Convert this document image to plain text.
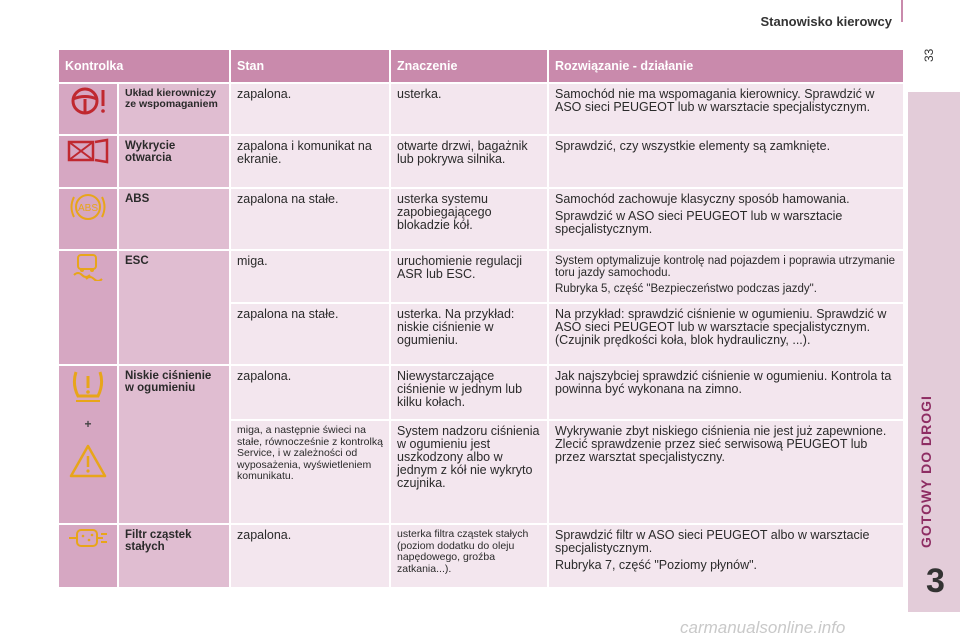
Stanowisko kierowcy
33
GOTOWY DO DROGI
3
Kontrolka		Stan	Znaczenie	Rozwiązanie - działanie

	Układ kierowniczy ze wspomaganiem	zapalona.	usterka.	Samochód nie ma wspomagania kierownicy. Sprawdzić w ASO sieci PEUGEOT lub w warsztacie specjalistycznym.

	Wykrycie otwarcia	zapalona i komunikat na ekranie.	otwarte drzwi, bagażnik lub pokrywa silnika.	Sprawdzić, czy wszystkie elementy są zamknięte.

ABS	ABS	zapalona na stałe.	usterka systemu zapobiegającego blokadzie kół.	Samochód zachowuje klasyczny sposób hamowania.
Sprawdzić w ASO sieci PEUGEOT lub w warsztacie specjalistycznym.

	ESC	miga.	uruchomienie regulacji ASR lub ESC.	System optymalizuje kontrolę nad pojazdem i poprawia utrzymanie toru jazdy samochodu.
Rubryka 5, część "Bezpieczeństwo podczas jazdy".

		zapalona na stałe.	usterka. Na przykład: niskie ciśnienie w ogumieniu.	Na przykład: sprawdzić ciśnienie w ogumieniu. Sprawdzić w ASO sieci PEUGEOT lub w warsztacie specjalistycznym. (Czujnik prędkości koła, blok hydrauliczny, ...).

+	Niskie ciśnienie w ogumieniu	zapalona.	Niewystarczające ciśnienie w jednym lub kilku kołach.	Jak najszybciej sprawdzić ciśnienie w ogumieniu. Kontrola ta powinna być wykonana na zimno.

		miga, a następnie świeci na stałe, równocześnie z kontrolką Service, i w zależności od wyposażenia, wyświetleniem komunikatu.	System nadzoru ciśnienia w ogumieniu jest uszkodzony albo w jednym z kół nie wykryto czujnika.	Wykrywanie zbyt niskiego ciśnienia nie jest już zapewnione. Zlecić sprawdzenie przez sieć serwisową PEUGEOT lub przez warsztat specjalistyczny.

	Filtr cząstek stałych	zapalona.	usterka filtra cząstek stałych (poziom dodatku do oleju napędowego, groźba zatkania...).	Sprawdzić filtr w ASO sieci PEUGEOT albo w warsztacie specjalistycznym.
Rubryka 7, część "Poziomy płynów".
carmanualsonline.info
